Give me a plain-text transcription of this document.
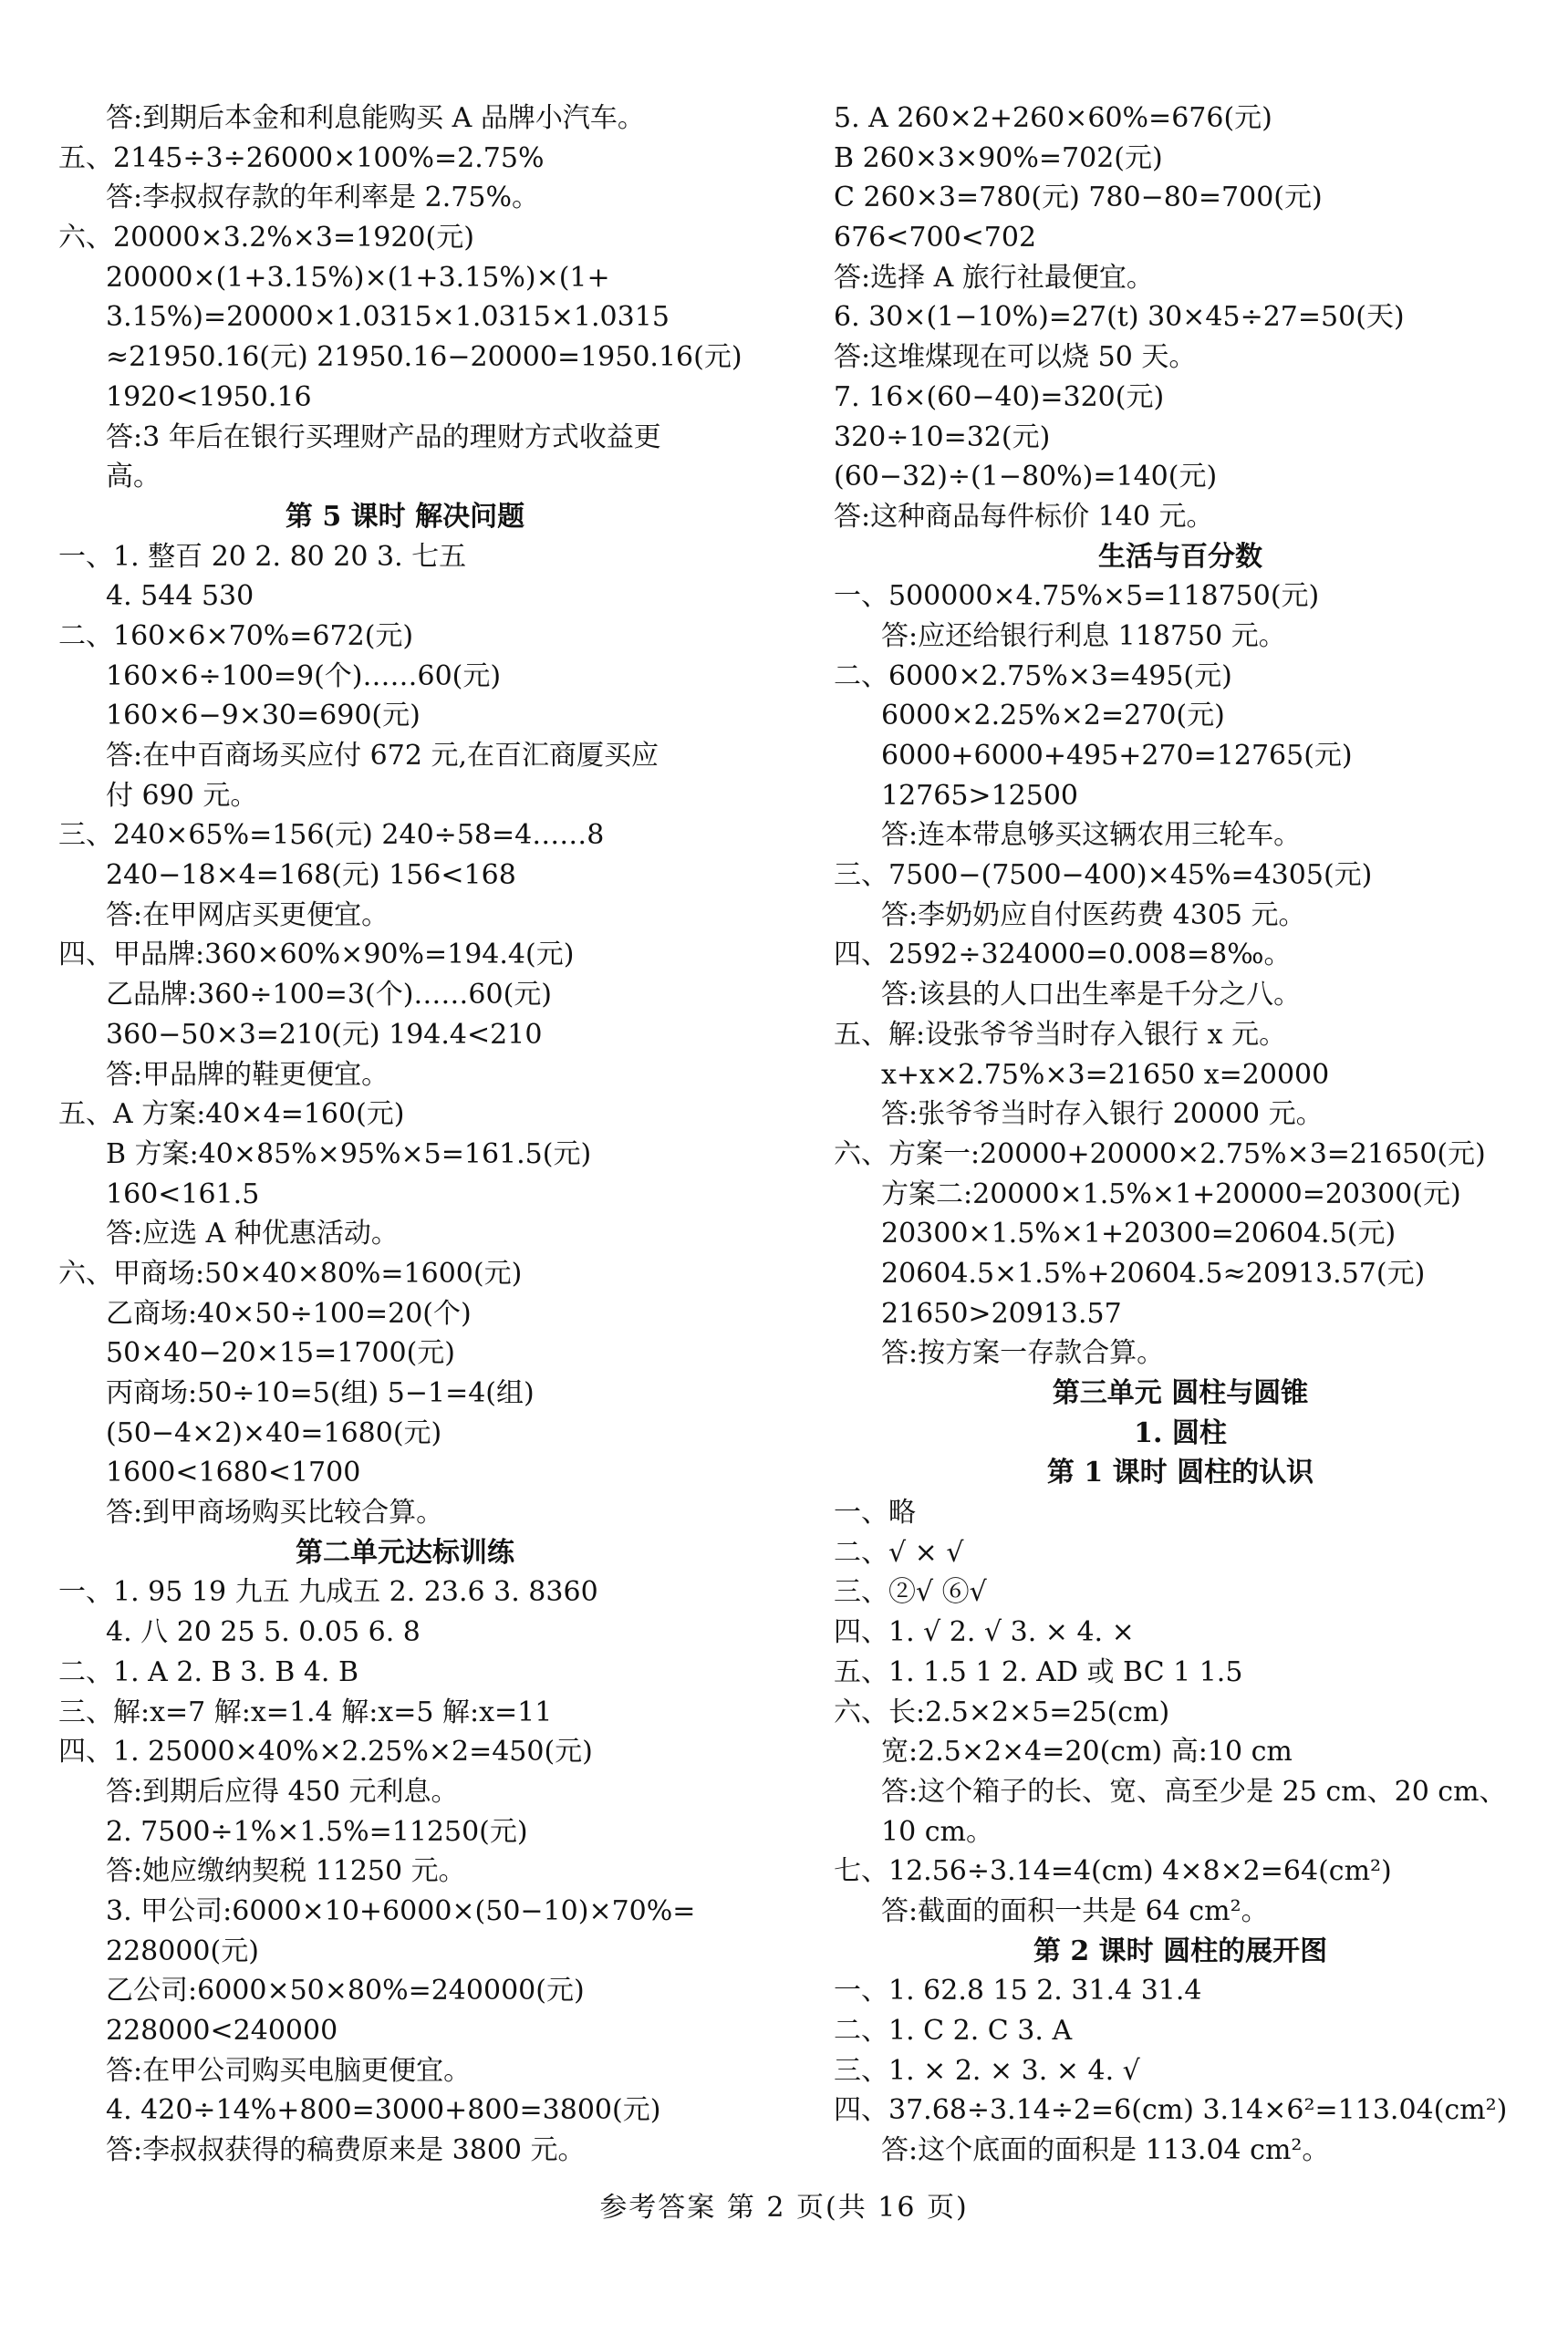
答:到期后本金和利息能购买 A 品牌小汽车。
五、2145÷3÷26000×100%=2.75%
答:李叔叔存款的年利率是 2.75%。
六、20000×3.2%×3=1920(元)
20000×(1+3.15%)×(1+3.15%)×(1+
3.15%)=20000×1.0315×1.0315×1.0315
≈21950.16(元) 21950.16−20000=1950.16(元)
1920<1950.16
答:3 年后在银行买理财产品的理财方式收益更
高。
第 5 课时 解决问题
一、1. 整百 20 2. 80 20 3. 七五
4. 544 530
二、160×6×70%=672(元)
160×6÷100=9(个)……60(元)
160×6−9×30=690(元)
答:在中百商场买应付 672 元,在百汇商厦买应
付 690 元。
三、240×65%=156(元) 240÷58=4……8
240−18×4=168(元) 156<168
答:在甲网店买更便宜。
四、甲品牌:360×60%×90%=194.4(元)
乙品牌:360÷100=3(个)……60(元)
360−50×3=210(元) 194.4<210
答:甲品牌的鞋更便宜。
五、A 方案:40×4=160(元)
B 方案:40×85%×95%×5=161.5(元)
160<161.5
答:应选 A 种优惠活动。
六、甲商场:50×40×80%=1600(元)
乙商场:40×50÷100=20(个)
50×40−20×15=1700(元)
丙商场:50÷10=5(组) 5−1=4(组)
(50−4×2)×40=1680(元)
1600<1680<1700
答:到甲商场购买比较合算。
第二单元达标训练
一、1. 95 19 九五 九成五 2. 23.6 3. 8360
4. 八 20 25 5. 0.05 6. 8
二、1. A 2. B 3. B 4. B
三、解:x=7 解:x=1.4 解:x=5 解:x=11
四、1. 25000×40%×2.25%×2=450(元)
答:到期后应得 450 元利息。
2. 7500÷1%×1.5%=11250(元)
答:她应缴纳契税 11250 元。
3. 甲公司:6000×10+6000×(50−10)×70%=
228000(元)
乙公司:6000×50×80%=240000(元)
228000<240000
答:在甲公司购买电脑更便宜。
4. 420÷14%+800=3000+800=3800(元)
答:李叔叔获得的稿费原来是 3800 元。
5. A 260×2+260×60%=676(元)
B 260×3×90%=702(元)
C 260×3=780(元) 780−80=700(元)
676<700<702
答:选择 A 旅行社最便宜。
6. 30×(1−10%)=27(t) 30×45÷27=50(天)
答:这堆煤现在可以烧 50 天。
7. 16×(60−40)=320(元)
320÷10=32(元)
(60−32)÷(1−80%)=140(元)
答:这种商品每件标价 140 元。
生活与百分数
一、500000×4.75%×5=118750(元)
答:应还给银行利息 118750 元。
二、6000×2.75%×3=495(元)
6000×2.25%×2=270(元)
6000+6000+495+270=12765(元)
12765>12500
答:连本带息够买这辆农用三轮车。
三、7500−(7500−400)×45%=4305(元)
答:李奶奶应自付医药费 4305 元。
四、2592÷324000=0.008=8‰。
答:该县的人口出生率是千分之八。
五、解:设张爷爷当时存入银行 x 元。
x+x×2.75%×3=21650 x=20000
答:张爷爷当时存入银行 20000 元。
六、方案一:20000+20000×2.75%×3=21650(元)
方案二:20000×1.5%×1+20000=20300(元)
20300×1.5%×1+20300=20604.5(元)
20604.5×1.5%+20604.5≈20913.57(元)
21650>20913.57
答:按方案一存款合算。
第三单元 圆柱与圆锥
1. 圆柱
第 1 课时 圆柱的认识
一、略
二、√ × √
三、②√ ⑥√
四、1. √ 2. √ 3. × 4. ×
五、1. 1.5 1 2. AD 或 BC 1 1.5
六、长:2.5×2×5=25(cm)
宽:2.5×2×4=20(cm) 高:10 cm
答:这个箱子的长、宽、高至少是 25 cm、20 cm、
10 cm。
七、12.56÷3.14=4(cm) 4×8×2=64(cm²)
答:截面的面积一共是 64 cm²。
第 2 课时 圆柱的展开图
一、1. 62.8 15 2. 31.4 31.4
二、1. C 2. C 3. A
三、1. × 2. × 3. × 4. √
四、37.68÷3.14÷2=6(cm) 3.14×6²=113.04(cm²)
答:这个底面的面积是 113.04 cm²。
参考答案 第 2 页(共 16 页)
